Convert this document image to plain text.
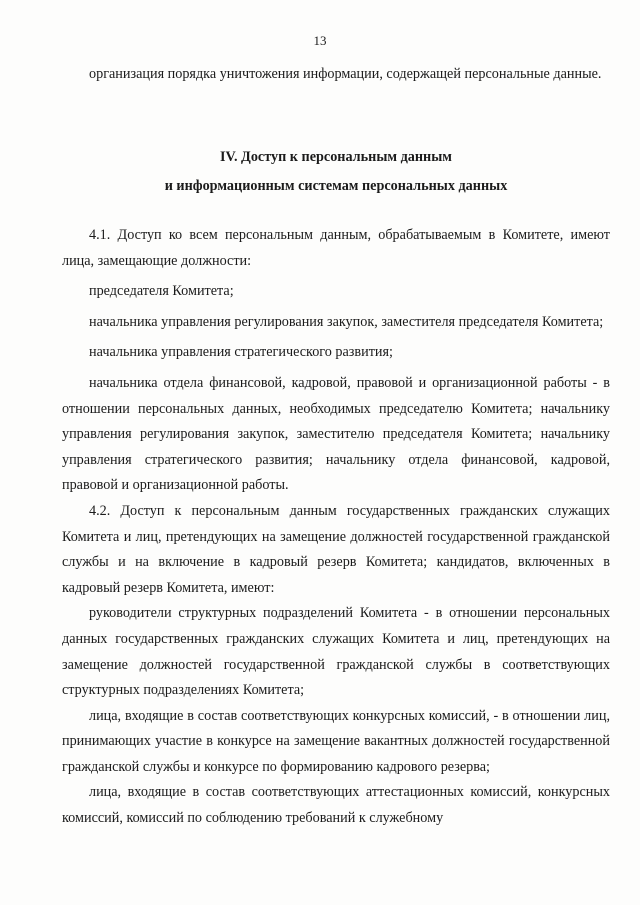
13

организация порядка уничтожения информации, содержащей персональные данные.

IV. Доступ к персональным данным
и информационным системам персональных данных

4.1. Доступ ко всем персональным данным, обрабатываемым в Комитете, имеют лица, замещающие должности:

председателя Комитета;

начальника управления регулирования закупок, заместителя председателя Комитета;

начальника управления стратегического развития;

начальника отдела финансовой, кадровой, правовой и организационной работы - в отношении персональных данных, необходимых председателю Комитета; начальнику управления регулирования закупок, заместителю председателя Комитета; начальнику управления стратегического развития; начальнику отдела финансовой, кадровой, правовой и организационной работы.

4.2. Доступ к персональным данным государственных гражданских служащих Комитета и лиц, претендующих на замещение должностей государственной гражданской службы и на включение в кадровый резерв Комитета; кандидатов, включенных в кадровый резерв Комитета, имеют:

руководители структурных подразделений Комитета - в отношении персональных данных государственных гражданских служащих Комитета и лиц, претендующих на замещение должностей государственной гражданской службы в соответствующих структурных подразделениях Комитета;

лица, входящие в состав соответствующих конкурсных комиссий, - в отношении лиц, принимающих участие в конкурсе на замещение вакантных должностей государственной гражданской службы и конкурсе по формированию кадрового резерва;

лица, входящие в состав соответствующих аттестационных комиссий, конкурсных комиссий, комиссий по соблюдению требований к служебному
